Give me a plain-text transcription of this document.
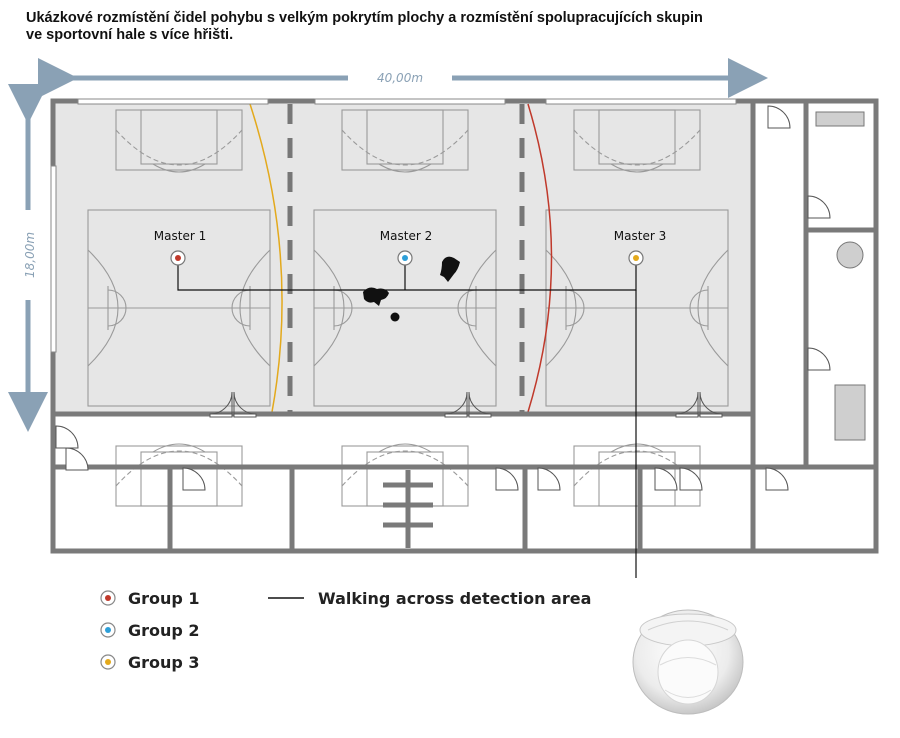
Ukázkové rozmístění čidel pohybu s velkým pokrytím plochy a rozmístění spolupracujících skupin
ve sportovní hale s více hřišti.
40,00m
18,00m	Master 1	Master 2	Master 3
Group 1
Group 2
Group 3
Walking across detection area
